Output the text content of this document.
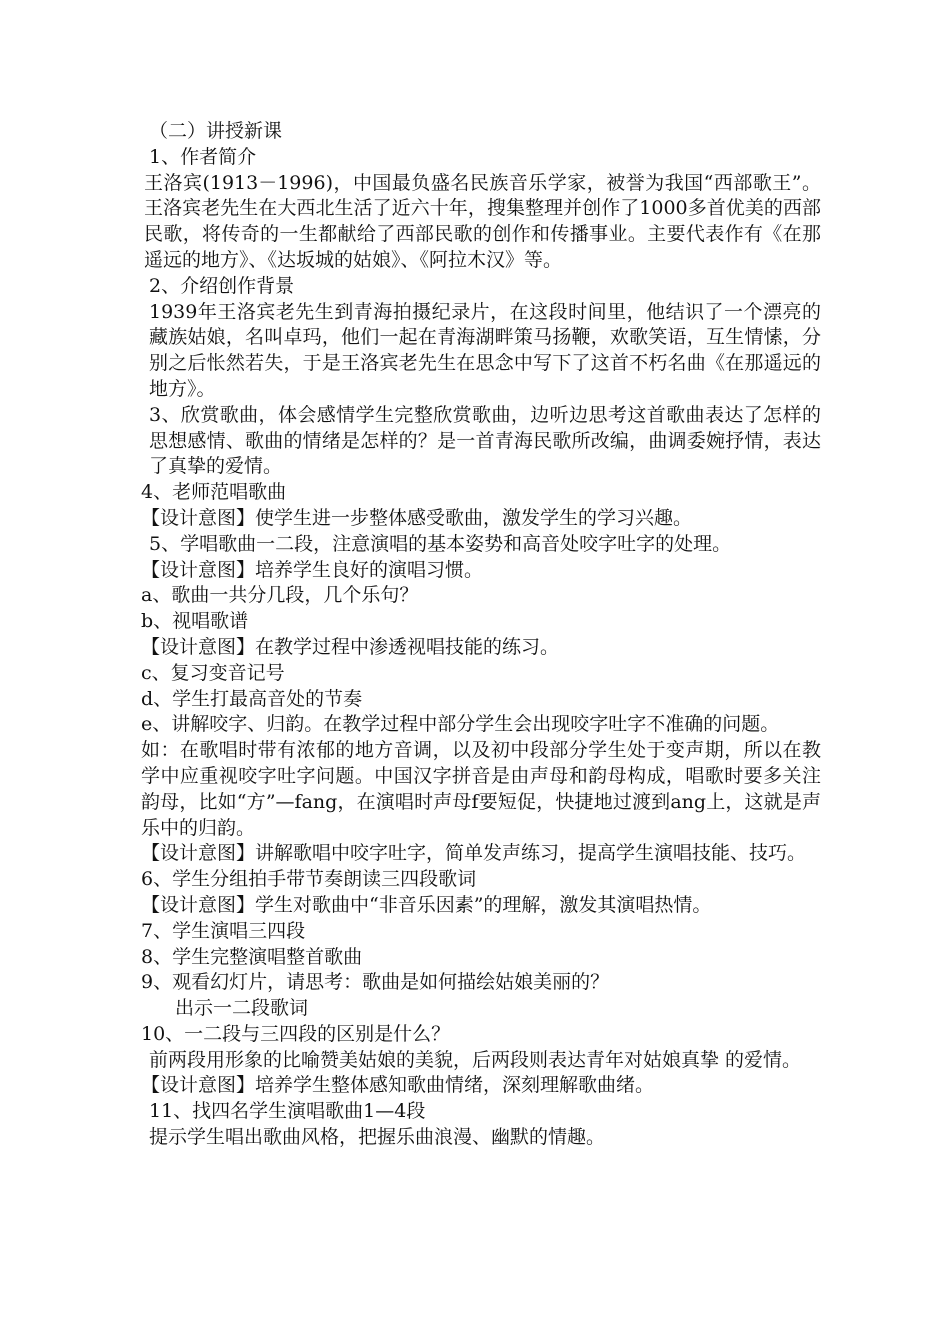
（二）讲授新课
1、作者简介
王洛宾(1913－1996)，中国最负盛名民族音乐学家，被誉为我国“西部歌王”。王洛宾老先生在大西北生活了近六十年，搜集整理并创作了1000多首优美的西部民歌，将传奇的一生都献给了西部民歌的创作和传播事业。主要代表作有《在那遥远的地方》、《达坂城的姑娘》、《阿拉木汉》等。
2、介绍创作背景
1939年王洛宾老先生到青海拍摄纪录片，在这段时间里，他结识了一个漂亮的藏族姑娘，名叫卓玛，他们一起在青海湖畔策马扬鞭，欢歌笑语，互生情愫，分别之后怅然若失，于是王洛宾老先生在思念中写下了这首不朽名曲《在那遥远的地方》。
3、欣赏歌曲，体会感情学生完整欣赏歌曲，边听边思考这首歌曲表达了怎样的思想感情、歌曲的情绪是怎样的？是一首青海民歌所改编，曲调委婉抒情，表达了真挚的爱情。
4、老师范唱歌曲
【设计意图】使学生进一步整体感受歌曲，激发学生的学习兴趣。
5、学唱歌曲一二段，注意演唱的基本姿势和高音处咬字吐字的处理。
【设计意图】培养学生良好的演唱习惯。
a、歌曲一共分几段，几个乐句？
b、视唱歌谱
【设计意图】在教学过程中渗透视唱技能的练习。
c、复习变音记号
d、学生打最高音处的节奏
e、讲解咬字、归韵。在教学过程中部分学生会出现咬字吐字不准确的问题。
如：在歌唱时带有浓郁的地方音调，以及初中段部分学生处于变声期，所以在教学中应重视咬字吐字问题。中国汉字拼音是由声母和韵母构成，唱歌时要多关注韵母，比如“方”—fang，在演唱时声母f要短促，快捷地过渡到ang上，这就是声乐中的归韵。
【设计意图】讲解歌唱中咬字吐字，简单发声练习，提高学生演唱技能、技巧。
6、学生分组拍手带节奏朗读三四段歌词
【设计意图】学生对歌曲中“非音乐因素”的理解，激发其演唱热情。
7、学生演唱三四段
8、学生完整演唱整首歌曲
9、观看幻灯片，请思考：歌曲是如何描绘姑娘美丽的？
出示一二段歌词
10、一二段与三四段的区别是什么？
前两段用形象的比喻赞美姑娘的美貌，后两段则表达青年对姑娘真挚 的爱情。
【设计意图】培养学生整体感知歌曲情绪，深刻理解歌曲绪。
11、找四名学生演唱歌曲1—4段
提示学生唱出歌曲风格，把握乐曲浪漫、幽默的情趣。
